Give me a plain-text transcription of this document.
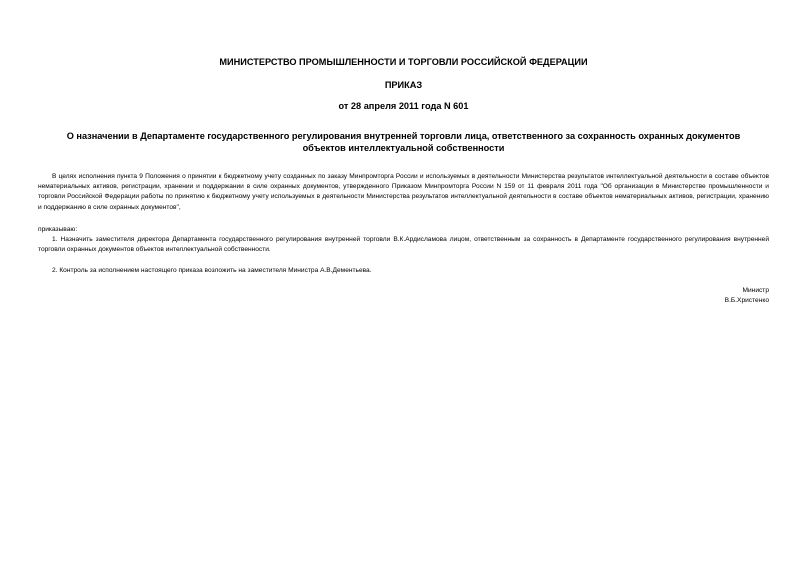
МИНИСТЕРСТВО ПРОМЫШЛЕННОСТИ И ТОРГОВЛИ РОССИЙСКОЙ ФЕДЕРАЦИИ

ПРИКАЗ

от 28 апреля 2011 года N 601

О назначении в Департаменте государственного регулирования внутренней торговли лица, ответственного за сохранность охранных документов объектов интеллектуальной собственности

В целях исполнения пункта 9 Положения о принятии к бюджетному учету созданных по заказу Минпромторга России и используемых в деятельности Министерства результатов интеллектуальной деятельности в составе объектов нематериальных активов, регистрации, хранении и поддержании в силе охранных документов, утвержденного Приказом Минпромторга России N 159 от 11 февраля 2011 года "Об организации в Министерстве промышленности и торговли Российской Федерации работы по принятию к бюджетному учету используемых в деятельности Министерства результатов интеллектуальной деятельности в составе объектов нематериальных активов, регистрации, хранению и поддержанию в силе охранных документов",

приказываю:

1. Назначить заместителя директора Департамента государственного регулирования внутренней торговли В.К.Ардисламова лицом, ответственным за сохранность в Департаменте государственного регулирования внутренней торговли охранных документов объектов интеллектуальной собственности.

2. Контроль за исполнением настоящего приказа возложить на заместителя Министра А.В.Дементьева.

Министр

В.Б.Христенко
